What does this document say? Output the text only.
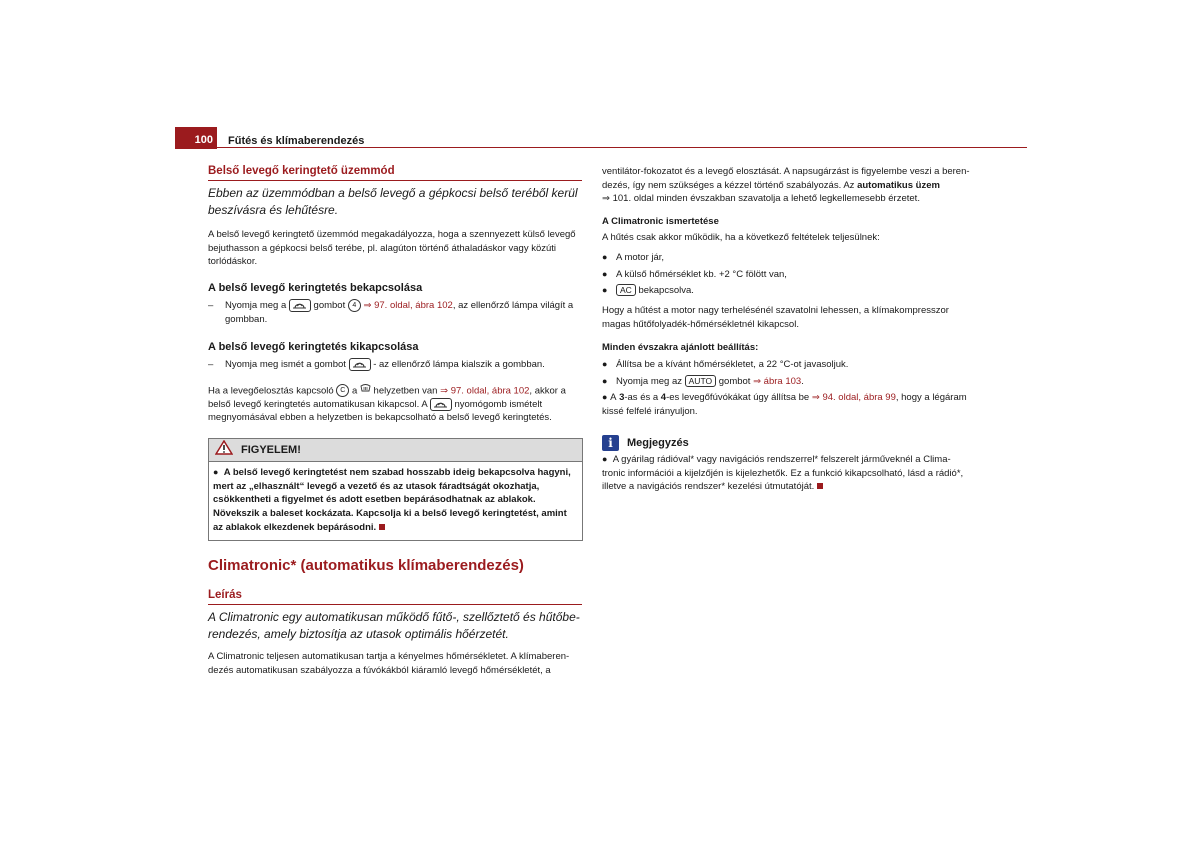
100	Fűtés és klímaberendezés
Belső levegő keringtető üzemmód
Ebben az üzemmódban a belső levegő a gépkocsi belső teréből kerül beszívásra és lehűtésre.
A belső levegő keringtető üzemmód megakadályozza, hoga a szennyezett külső levegő
bejuthasson a gépkocsi belső terébe, pl. alagúton történő áthaladáskor vagy közúti
torlódáskor.
A belső levegő keringtetés bekapcsolása
–	Nyomja meg a	gombot 4 ⇒ 97. oldal, ábra 102, az ellenőrző lámpa világít a
gombban.
A belső levegő keringtetés kikapcsolása
–	Nyomja meg ismét a gombot	- az ellenőrző lámpa kialszik a gombban.
Ha a levegőelosztás kapcsoló C a helyzetben van ⇒ 97. oldal, ábra 102, akkor a
belső levegő keringtetés automatikusan kikapcsol. A	nyomógomb ismételt
megnyomásával ebben a helyzetben is bekapcsolható a belső levegő keringtetés.
FIGYELEM!
● A belső levegő keringtetést nem szabad hosszabb ideig bekapcsolva hagyni,
mert az „elhasznált“ levegő a vezető és az utasok fáradtságát okozhatja,
csökkentheti a figyelmet és adott esetben bepárásodhatnak az ablakok.
Növekszik a baleset kockázata. Kapcsolja ki a belső levegő keringtetést, amint
az ablakok elkezdenek bepárásodni.
Climatronic* (automatikus klímaberendezés)
Leírás
A Climatronic egy automatikusan működő fűtő-, szellőztető és hűtőberendezés, amely biztosítja az utasok optimális hőérzetét.
A Climatronic teljesen automatikusan tartja a kényelmes hőmérsékletet. A klímaberen-
dezés automatikusan szabályozza a fúvókákból kiáramló levegő hőmérsékletét, a
ventilátor-fokozatot és a levegő elosztását. A napsugárzást is figyelembe veszi a beren-
dezés, így nem szükséges a kézzel történő szabályozás. Az automatikus üzem
⇒ 101. oldal minden évszakban szavatolja a lehető legkellemesebb érzetet.
A Climatronic ismertetése
A hűtés csak akkor működik, ha a következő feltételek teljesülnek:
● A motor jár,
● A külső hőmérséklet kb. +2 °C fölött van,
●	AC bekapcsolva.
Hogy a hűtést a motor nagy terhelésénél szavatolni lehessen, a klímakompresszor
magas hűtőfolyadék-hőmérsékletnél kikapcsol.
Minden évszakra ajánlott beállítás:
● Állítsa be a kívánt hőmérsékletet, a 22 °C-ot javasoljuk.
● Nyomja meg az AUTO gombot ⇒ ábra 103.
● A 3-as és a 4-es levegőfúvókákat úgy állítsa be ⇒ 94. oldal, ábra 99, hogy a légáram
kissé felfelé irányuljon.
i	Megjegyzés
● A gyárilag rádióval* vagy navigációs rendszerrel* felszerelt járműveknél a Clima-
tronic információi a kijelzőjén is kijelezhetők. Ez a funkció kikapcsolható, lásd a rádió*,
illetve a navigációs rendszer* kezelési útmutatóját.
